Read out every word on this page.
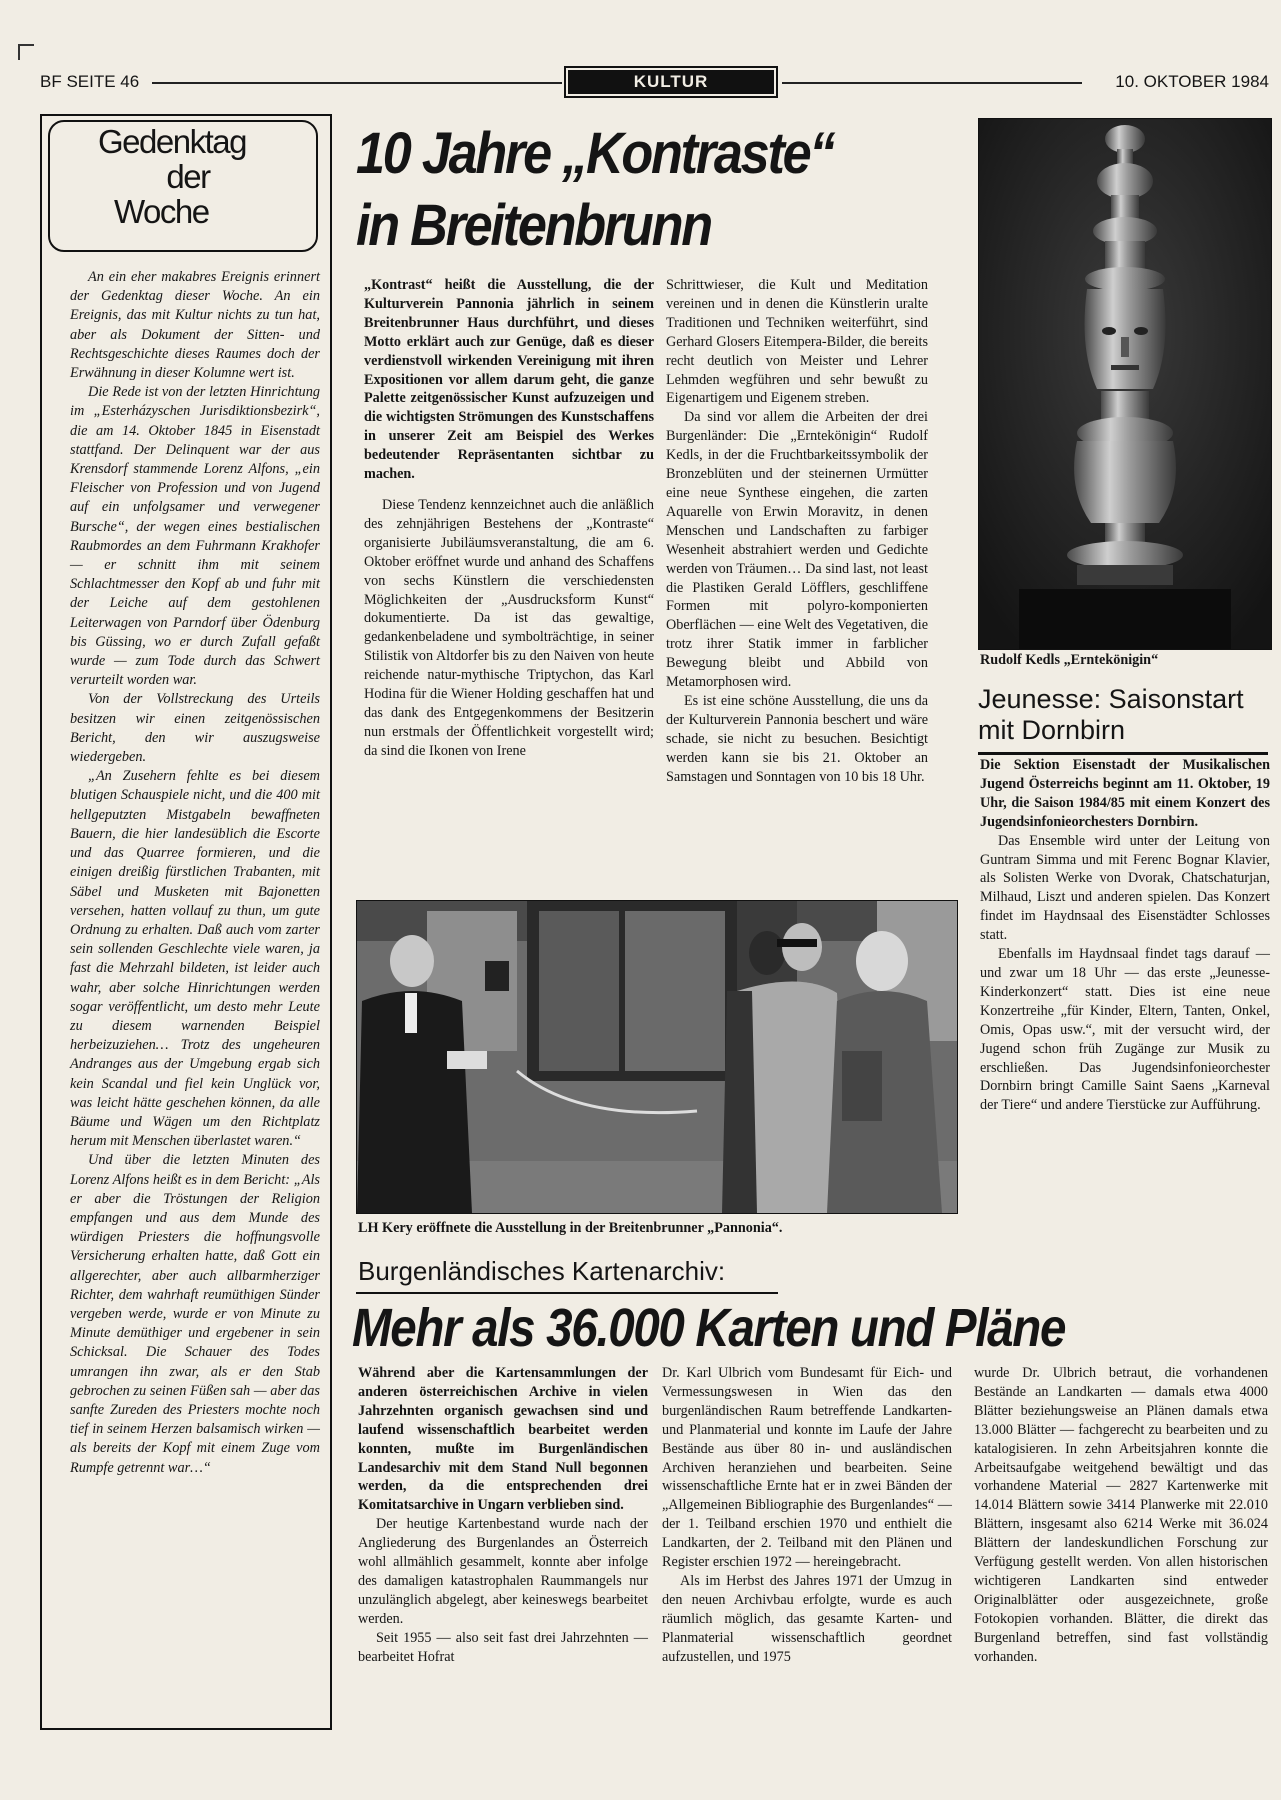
BF SEITE 46	KULTUR	10. OKTOBER 1984
Gedenktag
der
Woche

An ein eher makabres Ereignis erinnert der Gedenktag dieser Woche. An ein Ereignis, das mit Kultur nichts zu tun hat, aber als Dokument der Sitten- und Rechtsgeschichte dieses Raumes doch der Erwähnung in dieser Kolumne wert ist.

Die Rede ist von der letzten Hinrichtung im „Esterházyschen Jurisdiktionsbezirk“, die am 14. Oktober 1845 in Eisenstadt stattfand. Der Delinquent war der aus Krensdorf stammende Lorenz Alfons, „ein Fleischer von Profession und von Jugend auf ein unfolgsamer und verwegener Bursche“, der wegen eines bestialischen Raubmordes an dem Fuhrmann Krakhofer — er schnitt ihm mit seinem Schlachtmesser den Kopf ab und fuhr mit der Leiche auf dem gestohlenen Leiterwagen von Parndorf über Ödenburg bis Güssing, wo er durch Zufall gefaßt wurde — zum Tode durch das Schwert verurteilt worden war.

Von der Vollstreckung des Urteils besitzen wir einen zeitgenössischen Bericht, den wir auszugsweise wiedergeben.

„An Zusehern fehlte es bei diesem blutigen Schauspiele nicht, und die 400 mit hellgeputzten Mistgabeln bewaffneten Bauern, die hier landesüblich die Escorte und das Quarree formieren, und die einigen dreißig fürstlichen Trabanten, mit Säbel und Musketen mit Bajonetten versehen, hatten vollauf zu thun, um gute Ordnung zu erhalten. Daß auch vom zarter sein sollenden Geschlechte viele waren, ja fast die Mehrzahl bildeten, ist leider auch wahr, aber solche Hinrichtungen werden sogar veröffentlicht, um desto mehr Leute zu diesem warnenden Beispiel herbeizuziehen… Trotz des ungeheuren Andranges aus der Umgebung ergab sich kein Scandal und fiel kein Unglück vor, was leicht hätte geschehen können, da alle Bäume und Wägen um den Richtplatz herum mit Menschen überlastet waren.“

Und über die letzten Minuten des Lorenz Alfons heißt es in dem Bericht: „Als er aber die Tröstungen der Religion empfangen und aus dem Munde des würdigen Priesters die hoffnungsvolle Versicherung erhalten hatte, daß Gott ein allgerechter, aber auch allbarmherziger Richter, dem wahrhaft reumüthigen Sünder vergeben werde, wurde er von Minute zu Minute demüthiger und ergebener in sein Schicksal. Die Schauer des Todes umrangen ihn zwar, als er den Stab gebrochen zu seinen Füßen sah — aber das sanfte Zureden des Priesters mochte noch tief in seinem Herzen balsamisch wirken — als bereits der Kopf mit einem Zuge vom Rumpfe getrennt war…“

10 Jahre „Kontraste“
in Breitenbrunn

„Kontrast“ heißt die Ausstellung, die der Kulturverein Pannonia jährlich in seinem Breitenbrunner Haus durchführt, und dieses Motto erklärt auch zur Genüge, daß es dieser verdienstvoll wirkenden Vereinigung mit ihren Expositionen vor allem darum geht, die ganze Palette zeitgenössischer Kunst aufzuzeigen und die wichtigsten Strömungen des Kunstschaffens in unserer Zeit am Beispiel des Werkes bedeutender Repräsentanten sichtbar zu machen.

Diese Tendenz kennzeichnet auch die anläßlich des zehnjährigen Bestehens der „Kontraste“ organisierte Jubiläumsveranstaltung, die am 6. Oktober eröffnet wurde und anhand des Schaffens von sechs Künstlern die verschiedensten Möglichkeiten der „Ausdrucksform Kunst“ dokumentierte. Da ist das gewaltige, gedankenbeladene und symbolträchtige, in seiner Stilistik von Altdorfer bis zu den Naiven von heute reichende natur-mythische Triptychon, das Karl Hodina für die Wiener Holding geschaffen hat und das dank des Entgegenkommens der Besitzerin nun erstmals der Öffentlichkeit vorgestellt wird; da sind die Ikonen von Irene

Schrittwieser, die Kult und Meditation vereinen und in denen die Künstlerin uralte Traditionen und Techniken weiterführt, sind Gerhard Glosers Eitempera-Bilder, die bereits recht deutlich von Meister und Lehrer Lehmden wegführen und sehr bewußt zu Eigenartigem und Eigenem streben.

Da sind vor allem die Arbeiten der drei Burgenländer: Die „Erntekönigin“ Rudolf Kedls, in der die Fruchtbarkeitssymbolik der Bronzeblüten und der steinernen Urmütter eine neue Synthese eingehen, die zarten Aquarelle von Erwin Moravitz, in denen Menschen und Landschaften zu farbiger Wesenheit abstrahiert werden und Gedichte werden von Träumen… Da sind last, not least die Plastiken Gerald Löfflers, geschliffene Formen mit polyro-komponierten Oberflächen — eine Welt des Vegetativen, die trotz ihrer Statik immer in farblicher Bewegung bleibt und Abbild von Metamorphosen wird.

Es ist eine schöne Ausstellung, die uns da der Kulturverein Pannonia beschert und wäre schade, sie nicht zu besuchen. Besichtigt werden kann sie bis 21. Oktober an Samstagen und Sonntagen von 10 bis 18 Uhr.

Rudolf Kedls „Erntekönigin“
Jeunesse: Saisonstart mit Dornbirn

Die Sektion Eisenstadt der Musikalischen Jugend Österreichs beginnt am 11. Oktober, 19 Uhr, die Saison 1984/85 mit einem Konzert des Jugendsinfonieorchesters Dornbirn.

Das Ensemble wird unter der Leitung von Guntram Simma und mit Ferenc Bognar Klavier, als Solisten Werke von Dvorak, Chatschaturjan, Milhaud, Liszt und anderen spielen. Das Konzert findet im Haydnsaal des Eisenstädter Schlosses statt.

Ebenfalls im Haydnsaal findet tags darauf — und zwar um 18 Uhr — das erste „Jeunesse-Kinderkonzert“ statt. Dies ist eine neue Konzertreihe „für Kinder, Eltern, Tanten, Onkel, Omis, Opas usw.“, mit der versucht wird, der Jugend schon früh Zugänge zur Musik zu erschließen. Das Jugendsinfonieorchester Dornbirn bringt Camille Saint Saens „Karneval der Tiere“ und andere Tierstücke zur Aufführung.

LH Kery eröffnete die Ausstellung in der Breitenbrunner „Pannonia“.
Burgenländisches Kartenarchiv:
Mehr als 36.000 Karten und Pläne

Während aber die Kartensammlungen der anderen österreichischen Archive in vielen Jahrzehnten organisch gewachsen sind und laufend wissenschaftlich bearbeitet werden konnten, mußte im Burgenländischen Landesarchiv mit dem Stand Null begonnen werden, da die entsprechenden drei Komitatsarchive in Ungarn verblieben sind.

Der heutige Kartenbestand wurde nach der Angliederung des Burgenlandes an Österreich wohl allmählich gesammelt, konnte aber infolge des damaligen katastrophalen Raummangels nur unzulänglich abgelegt, aber keineswegs bearbeitet werden.

Seit 1955 — also seit fast drei Jahrzehnten — bearbeitet Hofrat

Dr. Karl Ulbrich vom Bundesamt für Eich- und Vermessungswesen in Wien das den burgenländischen Raum betreffende Landkarten- und Planmaterial und konnte im Laufe der Jahre Bestände aus über 80 in- und ausländischen Archiven heranziehen und bearbeiten. Seine wissenschaftliche Ernte hat er in zwei Bänden der „Allgemeinen Bibliographie des Burgenlandes“ — der 1. Teilband erschien 1970 und enthielt die Landkarten, der 2. Teilband mit den Plänen und Register erschien 1972 — hereingebracht.

Als im Herbst des Jahres 1971 der Umzug in den neuen Archivbau erfolgte, wurde es auch räumlich möglich, das gesamte Karten- und Planmaterial wissenschaftlich geordnet aufzustellen, und 1975

wurde Dr. Ulbrich betraut, die vorhandenen Bestände an Landkarten — damals etwa 4000 Blätter beziehungsweise an Plänen damals etwa 13.000 Blätter — fachgerecht zu bearbeiten und zu katalogisieren. In zehn Arbeitsjahren konnte die Arbeitsaufgabe weitgehend bewältigt und das vorhandene Material — 2827 Kartenwerke mit 14.014 Blättern sowie 3414 Planwerke mit 22.010 Blättern, insgesamt also 6214 Werke mit 36.024 Blättern der landeskundlichen Forschung zur Verfügung gestellt werden. Von allen historischen wichtigeren Landkarten sind entweder Originalblätter oder ausgezeichnete, große Fotokopien vorhanden. Blätter, die direkt das Burgenland betreffen, sind fast vollständig vorhanden.
